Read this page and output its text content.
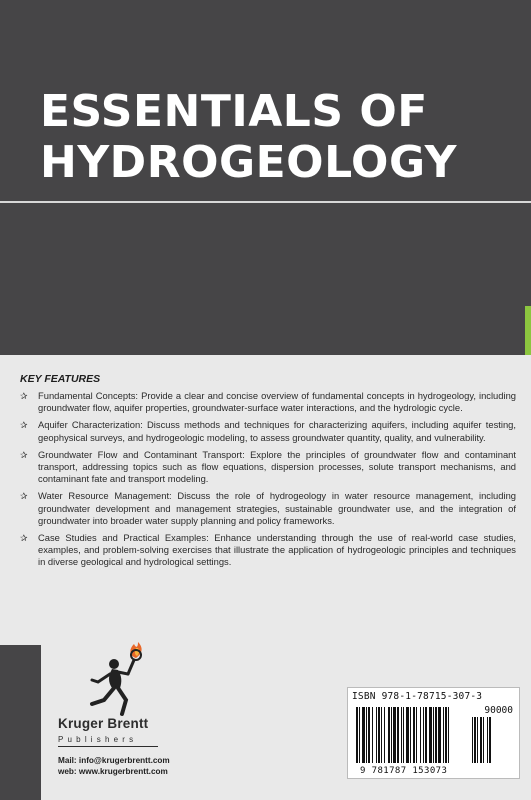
ESSENTIALS OF
HYDROGEOLOGY
KEY FEATURES
✰ Fundamental Concepts: Provide a clear and concise overview of fundamental concepts in hydrogeology, including groundwater flow, aquifer properties, groundwater-surface water interactions, and the hydrologic cycle.
✰ Aquifer Characterization: Discuss methods and techniques for characterizing aquifers, including aquifer testing, geophysical surveys, and hydrogeologic modeling, to assess groundwater quantity, quality, and vulnerability.
✰ Groundwater Flow and Contaminant Transport: Explore the principles of groundwater flow and contaminant transport, addressing topics such as flow equations, dispersion processes, solute transport mechanisms, and contaminant fate and transport modeling.
✰ Water Resource Management: Discuss the role of hydrogeology in water resource management, including groundwater development and management strategies, sustainable groundwater use, and the integration of groundwater into broader water supply planning and policy frameworks.
✰ Case Studies and Practical Examples: Enhance understanding through the use of real-world case studies, examples, and problem-solving exercises that illustrate the application of hydrogeologic principles and techniques in diverse geological and hydrological settings.
Kruger Brentt
Publishers
Mail: info@krugerbrentt.com
web: www.krugerbrentt.com
ISBN 978-1-78715-307-3
90000
9 781787 153073
